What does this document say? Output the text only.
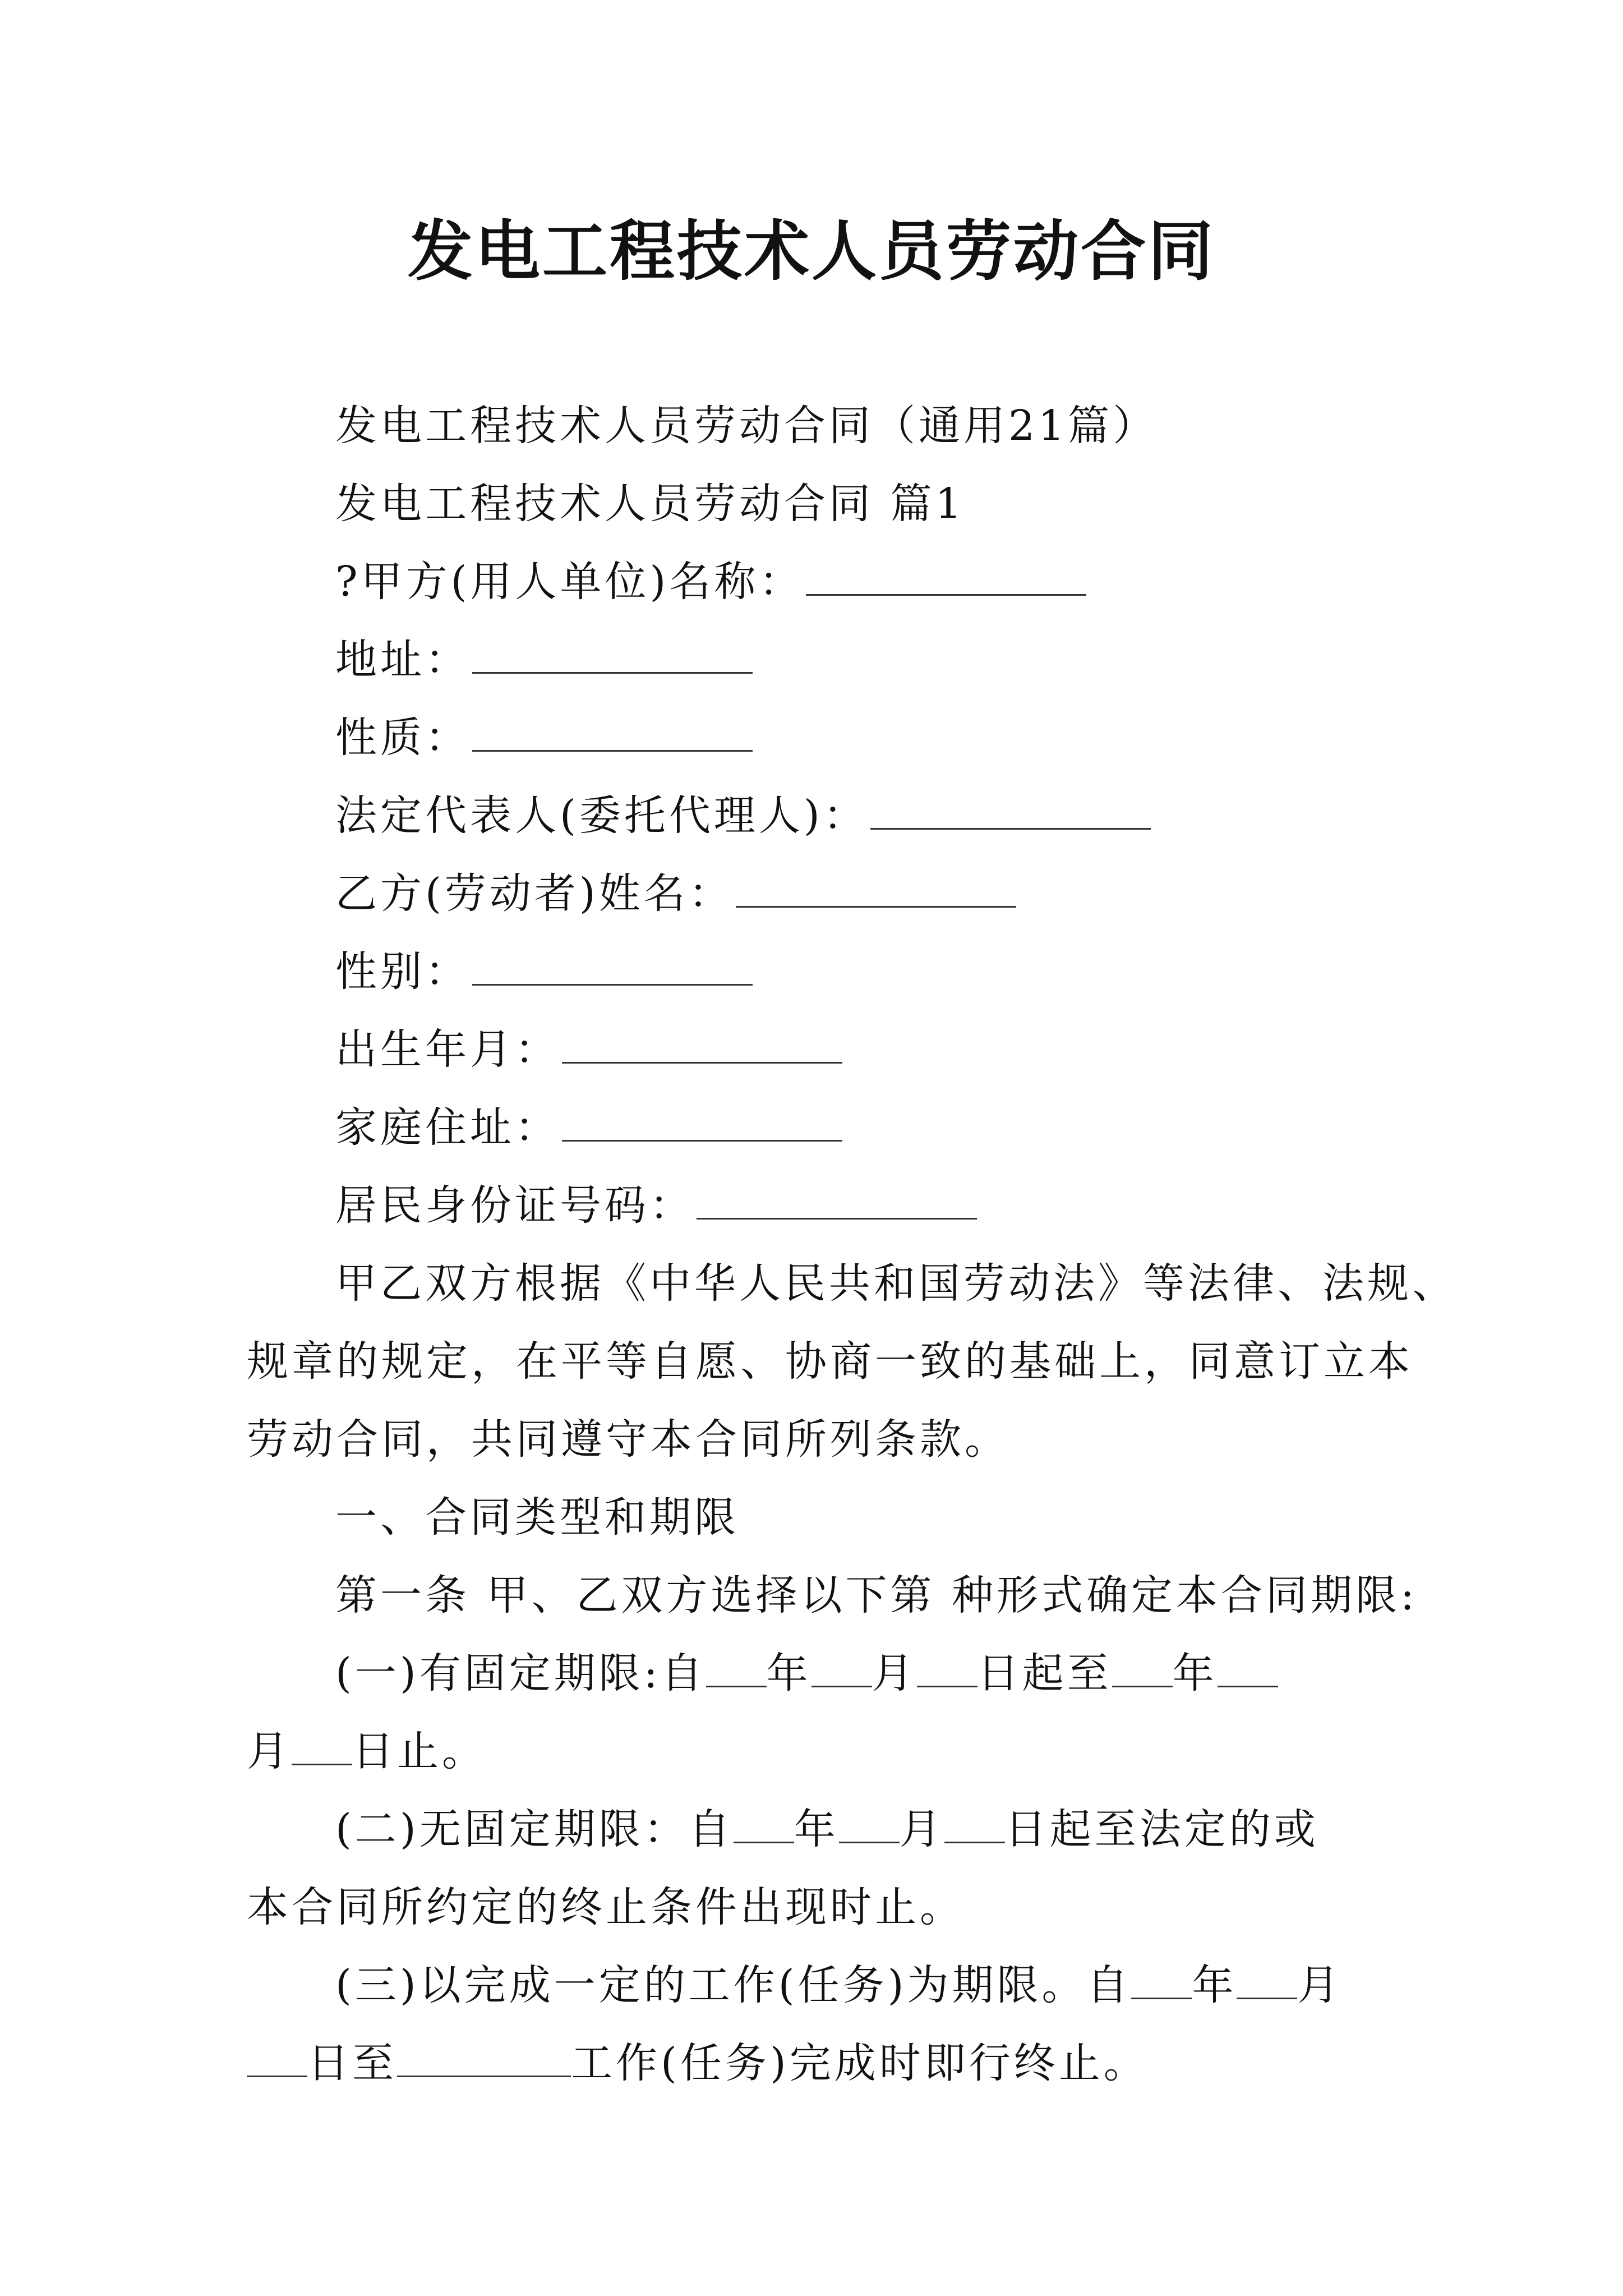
发电工程技术人员劳动合同
发电工程技术人员劳动合同（通用21篇）
发电工程技术人员劳动合同 篇1
?甲方(用人单位)名称：
地址：
性质：
法定代表人(委托代理人)：
乙方(劳动者)姓名：
性别：
出生年月：
家庭住址：
居民身份证号码：
甲乙双方根据《中华人民共和国劳动法》等法律、法规、
规章的规定，在平等自愿、协商一致的基础上，同意订立本
劳动合同，共同遵守本合同所列条款。
一、合同类型和期限
第一条 甲、乙双方选择以下第 种形式确定本合同期限:
(一)有固定期限:自 年 月 日起至 年
月 日止。
(二)无固定期限：自 年 月 日起至法定的或
本合同所约定的终止条件出现时止。
(三)以完成一定的工作(任务)为期限。自 年 月
日至	工作(任务)完成时即行终止。
